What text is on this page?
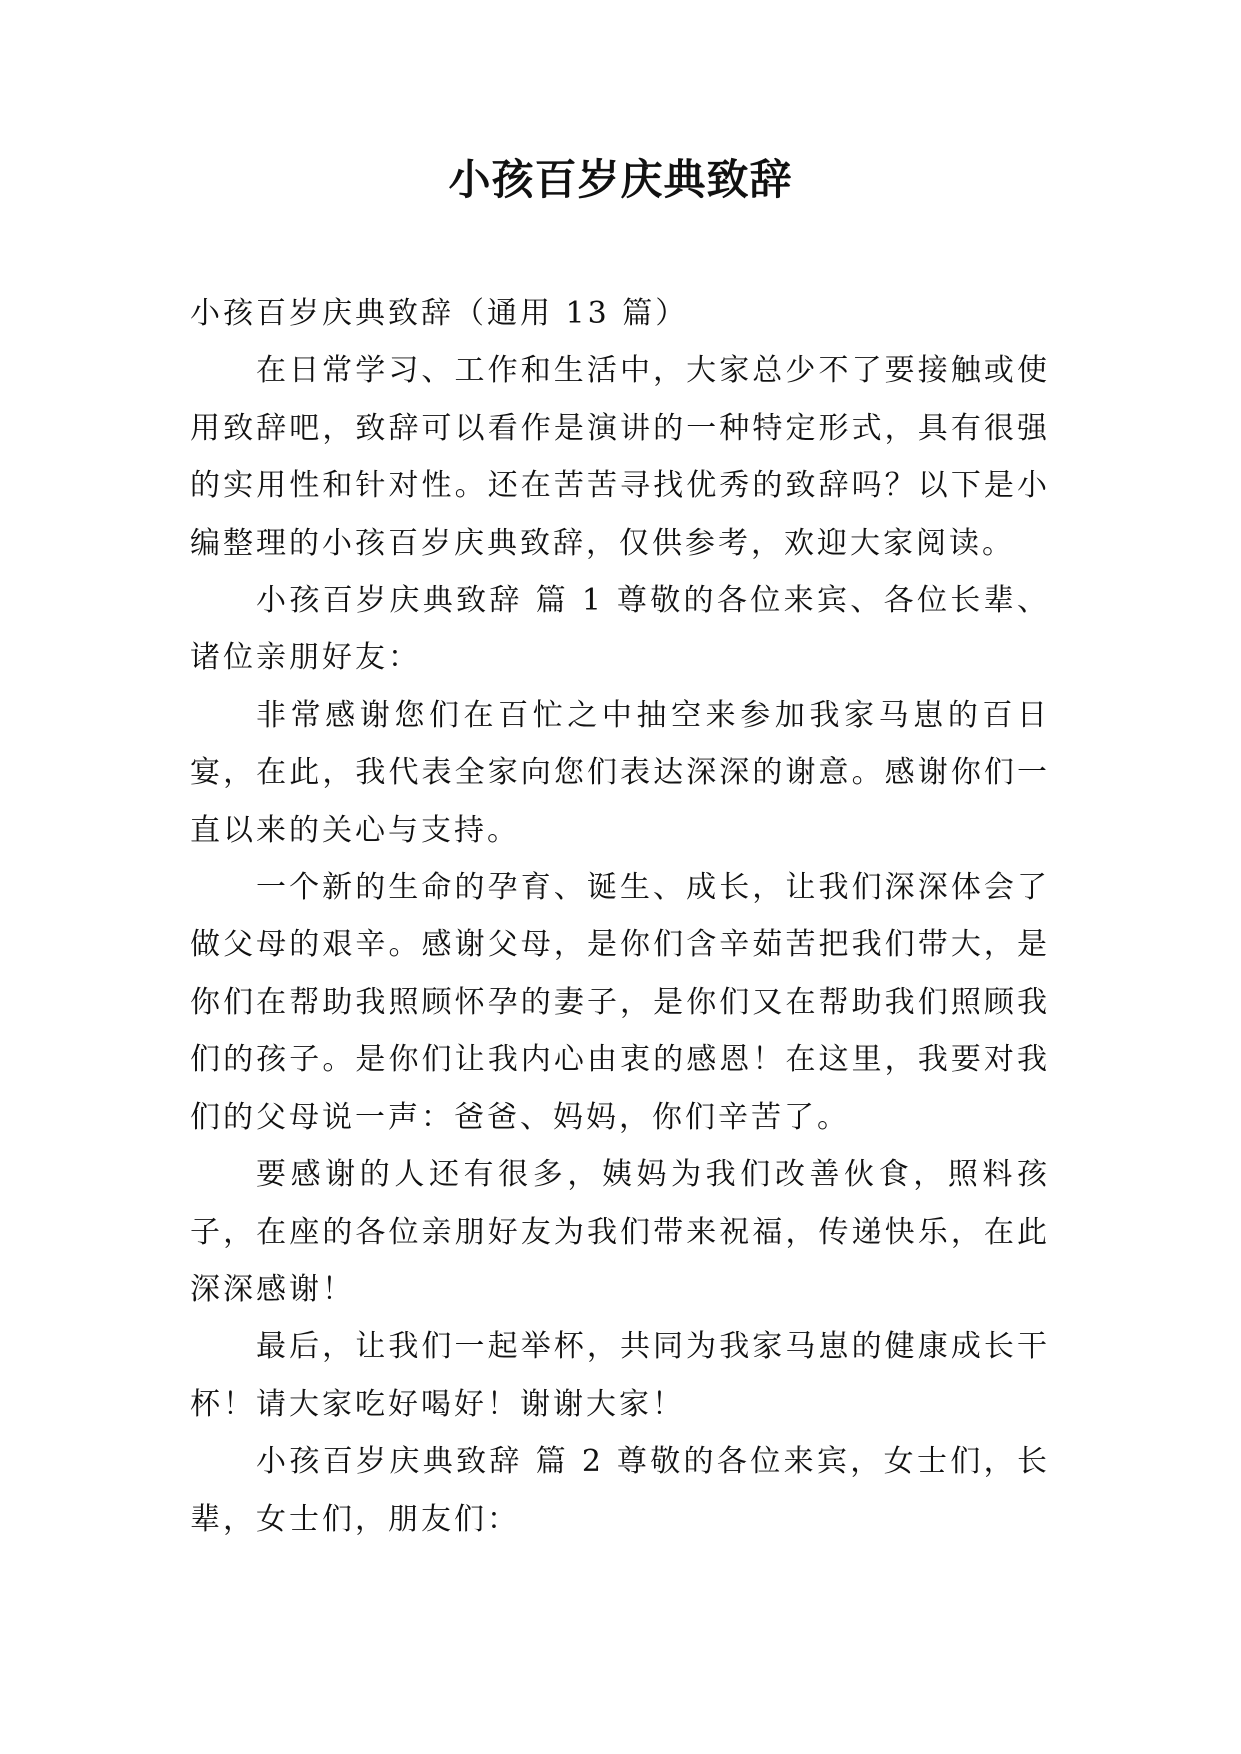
小孩百岁庆典致辞

小孩百岁庆典致辞（通用 13 篇）

在日常学习、工作和生活中，大家总少不了要接触或使用致辞吧，致辞可以看作是演讲的一种特定形式，具有很强的实用性和针对性。还在苦苦寻找优秀的致辞吗？以下是小编整理的小孩百岁庆典致辞，仅供参考，欢迎大家阅读。

小孩百岁庆典致辞 篇 1 尊敬的各位来宾、各位长辈、诸位亲朋好友：

非常感谢您们在百忙之中抽空来参加我家马崽的百日宴，在此，我代表全家向您们表达深深的谢意。感谢你们一直以来的关心与支持。

一个新的生命的孕育、诞生、成长，让我们深深体会了做父母的艰辛。感谢父母，是你们含辛茹苦把我们带大，是你们在帮助我照顾怀孕的妻子，是你们又在帮助我们照顾我们的孩子。是你们让我内心由衷的感恩！在这里，我要对我们的父母说一声：爸爸、妈妈，你们辛苦了。

要感谢的人还有很多，姨妈为我们改善伙食，照料孩子，在座的各位亲朋好友为我们带来祝福，传递快乐，在此深深感谢！

最后，让我们一起举杯，共同为我家马崽的健康成长干杯！请大家吃好喝好！谢谢大家！

小孩百岁庆典致辞 篇 2 尊敬的各位来宾，女士们，长辈，女士们，朋友们：
